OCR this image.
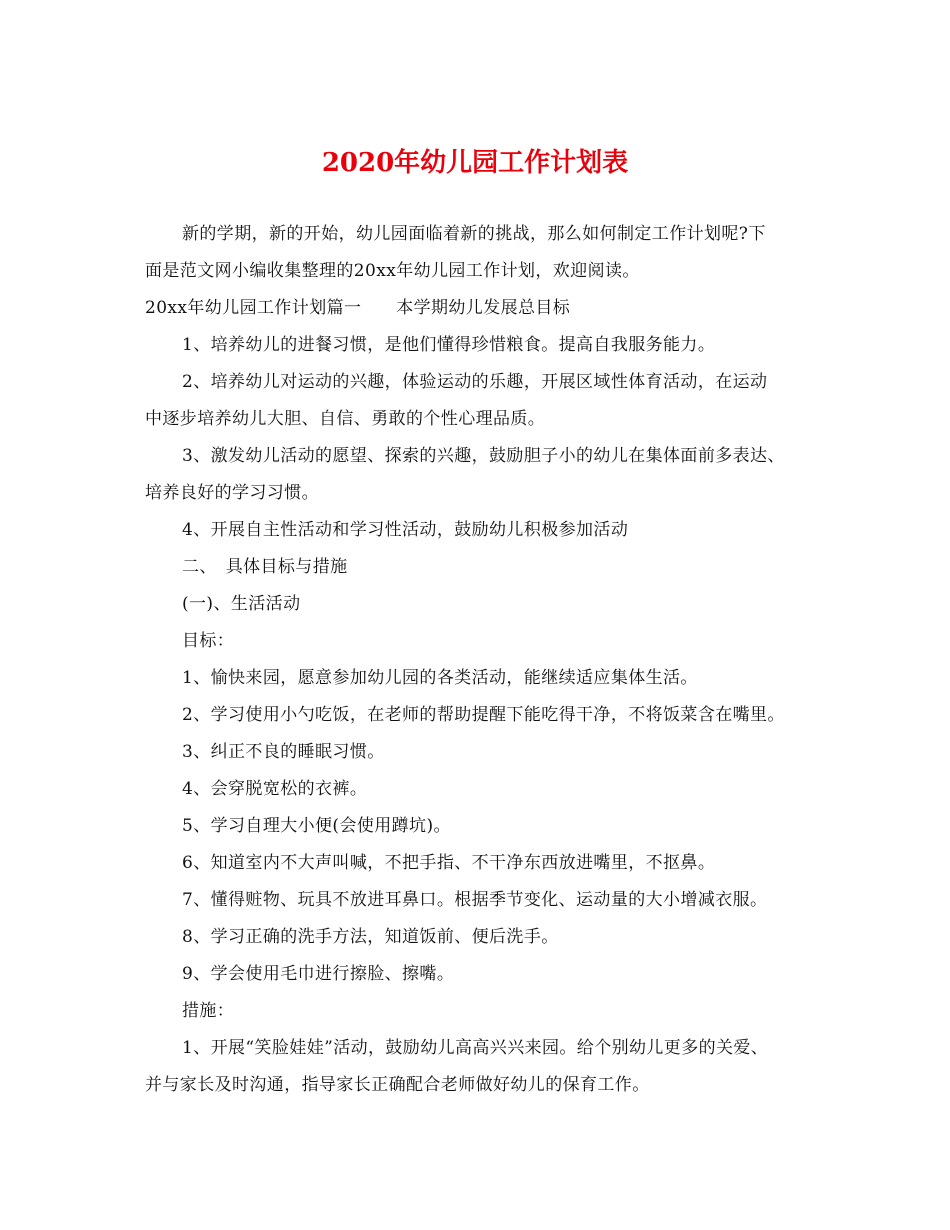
2020年幼儿园工作计划表

新的学期，新的开始，幼儿园面临着新的挑战，那么如何制定工作计划呢?下

面是范文网小编收集整理的20xx年幼儿园工作计划，欢迎阅读。

20xx年幼儿园工作计划篇一　　本学期幼儿发展总目标

1、培养幼儿的进餐习惯，是他们懂得珍惜粮食。提高自我服务能力。

2、培养幼儿对运动的兴趣，体验运动的乐趣，开展区域性体育活动，在运动

中逐步培养幼儿大胆、自信、勇敢的个性心理品质。

3、激发幼儿活动的愿望、探索的兴趣，鼓励胆子小的幼儿在集体面前多表达、

培养良好的学习习惯。

4、开展自主性活动和学习性活动，鼓励幼儿积极参加活动

二、　具体目标与措施

(一)、生活活动

目标：

1、愉快来园，愿意参加幼儿园的各类活动，能继续适应集体生活。

2、学习使用小勺吃饭，在老师的帮助提醒下能吃得干净，不将饭菜含在嘴里。

3、纠正不良的睡眠习惯。

4、会穿脱宽松的衣裤。

5、学习自理大小便(会使用蹲坑)。

6、知道室内不大声叫喊，不把手指、不干净东西放进嘴里，不抠鼻。

7、懂得赃物、玩具不放进耳鼻口。根据季节变化、运动量的大小增减衣服。

8、学习正确的洗手方法，知道饭前、便后洗手。

9、学会使用毛巾进行擦脸、擦嘴。

措施：

1、开展“笑脸娃娃”活动，鼓励幼儿高高兴兴来园。给个别幼儿更多的关爱、

并与家长及时沟通，指导家长正确配合老师做好幼儿的保育工作。
